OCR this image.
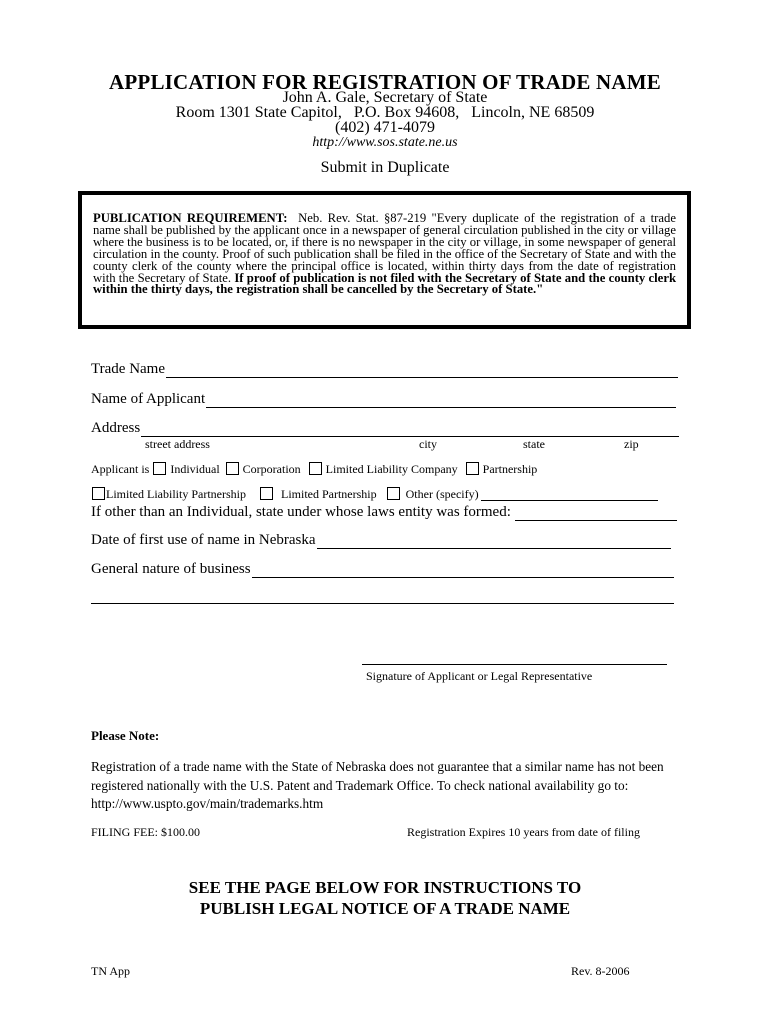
APPLICATION FOR REGISTRATION OF TRADE NAME
John A. Gale, Secretary of State
Room 1301 State Capitol, P.O. Box 94608, Lincoln, NE 68509
(402) 471-4079
http://www.sos.state.ne.us
Submit in Duplicate
PUBLICATION REQUIREMENT: Neb. Rev. Stat. §87-219 "Every duplicate of the registration of a trade name shall be published by the applicant once in a newspaper of general circulation published in the city or village where the business is to be located, or, if there is no newspaper in the city or village, in some newspaper of general circulation in the county. Proof of such publication shall be filed in the office of the Secretary of State and with the county clerk of the county where the principal office is located, within thirty days from the date of registration with the Secretary of State. If proof of publication is not filed with the Secretary of State and the county clerk within the thirty days, the registration shall be cancelled by the Secretary of State."
Trade Name
Name of Applicant
Address
street address	city	state	zip
Applicant is Individual Corporation Limited Liability Company Partnership
Limited Liability Partnership	Limited Partnership Other (specify)
If other than an Individual, state under whose laws entity was formed:
Date of first use of name in Nebraska
General nature of business
Signature of Applicant or Legal Representative
Please Note:
Registration of a trade name with the State of Nebraska does not guarantee that a similar name has not been registered nationally with the U.S. Patent and Trademark Office. To check national availability go to: http://www.uspto.gov/main/trademarks.htm
FILING FEE: $100.00	Registration Expires 10 years from date of filing
SEE THE PAGE BELOW FOR INSTRUCTIONS TO
PUBLISH LEGAL NOTICE OF A TRADE NAME
TN App	Rev. 8-2006
